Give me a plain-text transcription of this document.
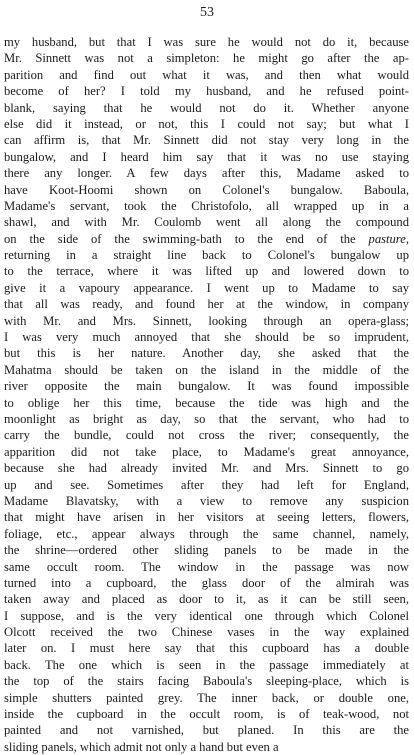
53
my husband, but that I was sure he would not do it, because
Mr. Sinnett was not a simpleton: he might go after the ap-
parition and find out what it was, and then what would
become of her? I told my husband, and he refused point-
blank, saying that he would not do it. Whether anyone
else did it instead, or not, this I could not say; but what I
can affirm is, that Mr. Sinnett did not stay very long in the
bungalow, and I heard him say that it was no use staying
there any longer. A few days after this, Madame asked to
have Koot-Hoomi shown on Colonel's bungalow. Baboula,
Madame's servant, took the Christofolo, all wrapped up in a
shawl, and with Mr. Coulomb went all along the compound
on the side of the swimming-bath to the end of the pasture,
returning in a straight line back to Colonel's bungalow up
to the terrace, where it was lifted up and lowered down to
give it a vapoury appearance. I went up to Madame to say
that all was ready, and found her at the window, in company
with Mr. and Mrs. Sinnett, looking through an opera-glass;
I was very much annoyed that she should be so imprudent,
but this is her nature. Another day, she asked that the
Mahatma should be taken on the island in the middle of the
river opposite the main bungalow. It was found impossible
to oblige her this time, because the tide was high and the
moonlight as bright as day, so that the servant, who had to
carry the bundle, could not cross the river; consequently, the
apparition did not take place, to Madame's great annoyance,
because she had already invited Mr. and Mrs. Sinnett to go
up and see. Sometimes after they had left for England,
Madame Blavatsky, with a view to remove any suspicion
that might have arisen in her visitors at seeing letters, flowers,
foliage, etc., appear always through the same channel, namely,
the shrine—ordered other sliding panels to be made in the
same occult room. The window in the passage was now
turned into a cupboard, the glass door of the almirah was
taken away and placed as door to it, as it can be still seen,
I suppose, and is the very identical one through which Colonel
Olcott received the two Chinese vases in the way explained
later on. I must here say that this cupboard has a double
back. The one which is seen in the passage immediately at
the top of the stairs facing Baboula's sleeping-place, which is
simple shutters painted grey. The inner back, or double one,
inside the cupboard in the occult room, is of teak-wood, not
painted and not varnished, but planed. In this are the
sliding panels, which admit not only a hand but even a
